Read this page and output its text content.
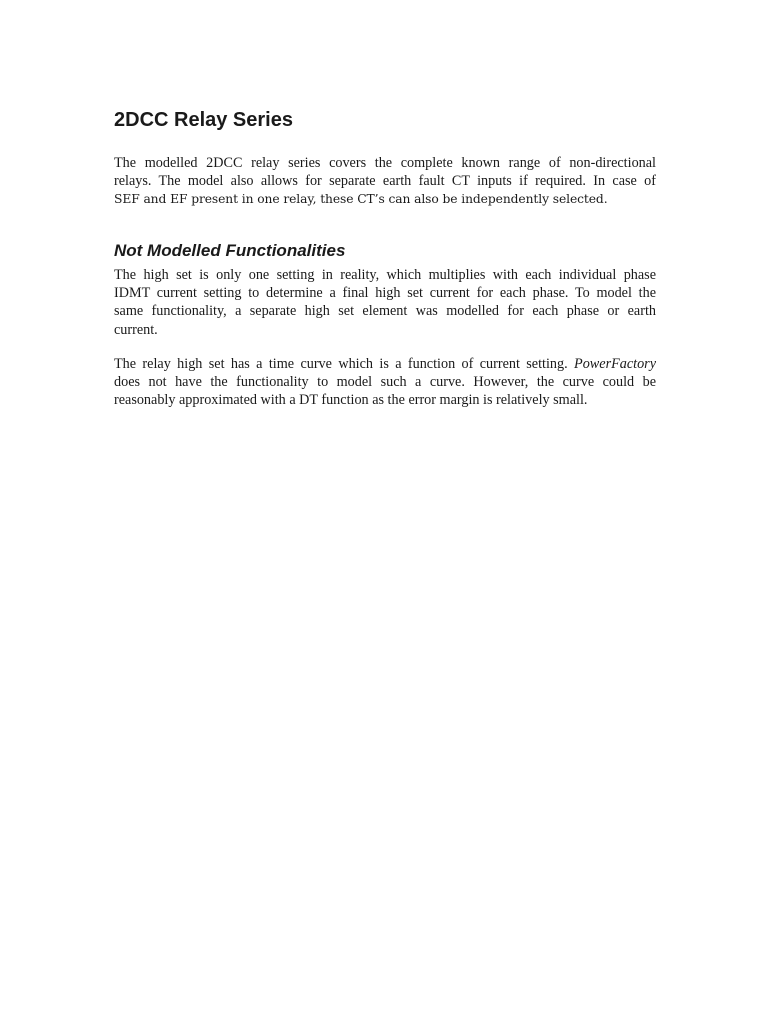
2DCC Relay Series

The modelled 2DCC relay series covers the complete known range of non-directional
relays. The model also allows for separate earth fault CT inputs if required. In case of
SEF and EF present in one relay, these CT’s can also be independently selected.

Not Modelled Functionalities

The high set is only one setting in reality, which multiplies with each individual phase
IDMT current setting to determine a final high set current for each phase. To model the
same functionality, a separate high set element was modelled for each phase or earth
current.

The relay high set has a time curve which is a function of current setting. PowerFactory
does not have the functionality to model such a curve. However, the curve could be
reasonably approximated with a DT function as the error margin is relatively small.
